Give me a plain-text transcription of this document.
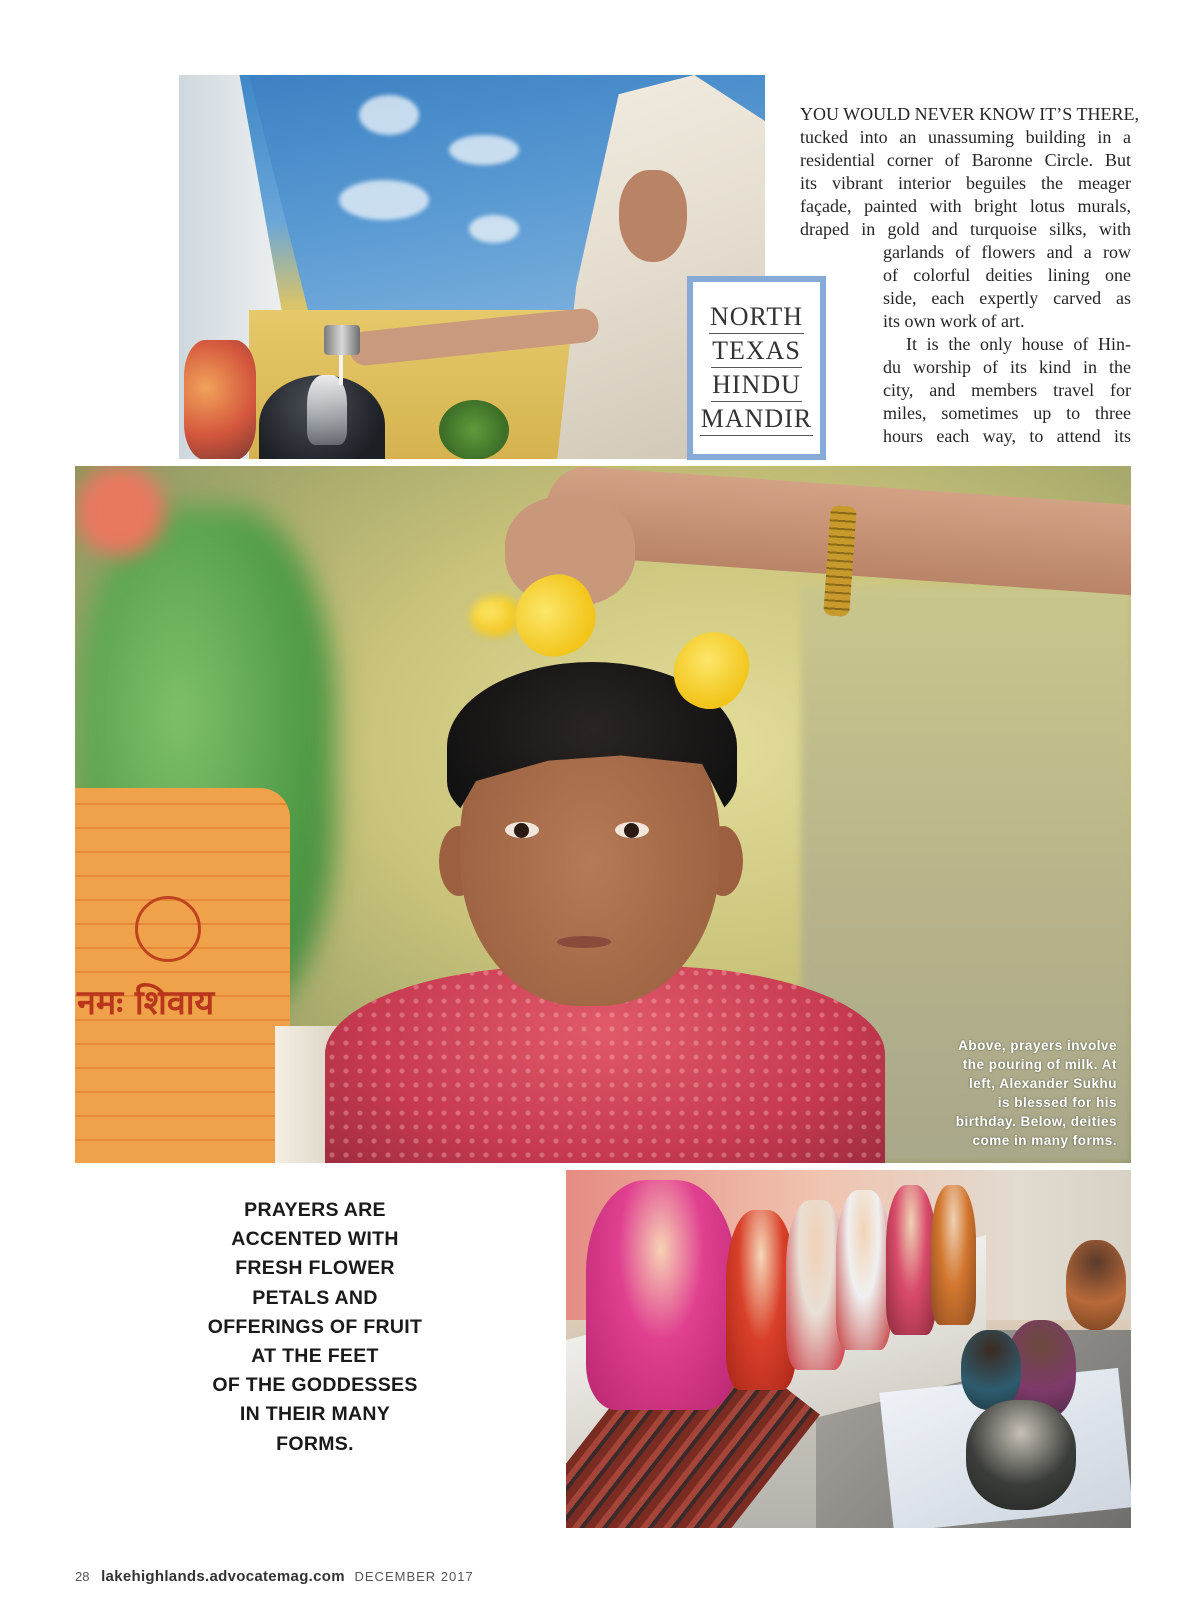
NORTH
TEXAS
HINDU
MANDIR
YOU WOULD NEVER KNOW IT’S THERE,
tucked into an unassuming building in a
residential corner of Baronne Circle. But
its vibrant interior beguiles the meager
façade, painted with bright lotus murals,
draped in gold and turquoise silks, with
garlands of flowers and a row
of colorful deities lining one
side, each expertly carved as
its own work of art.
It is the only house of Hin-
du worship of its kind in the
city, and members travel for
miles, sometimes up to three
hours each way, to attend its
नमः शिवाय
Above, prayers involve
the pouring of milk. At
left, Alexander Sukhu
is blessed for his
birthday. Below, deities
come in many forms.
PRAYERS ARE
ACCENTED WITH
FRESH FLOWER
PETALS AND
OFFERINGS OF FRUIT
AT THE FEET
OF THE GODDESSES
IN THEIR MANY
FORMS.
28 lakehighlands.advocatemag.com DECEMBER 2017
